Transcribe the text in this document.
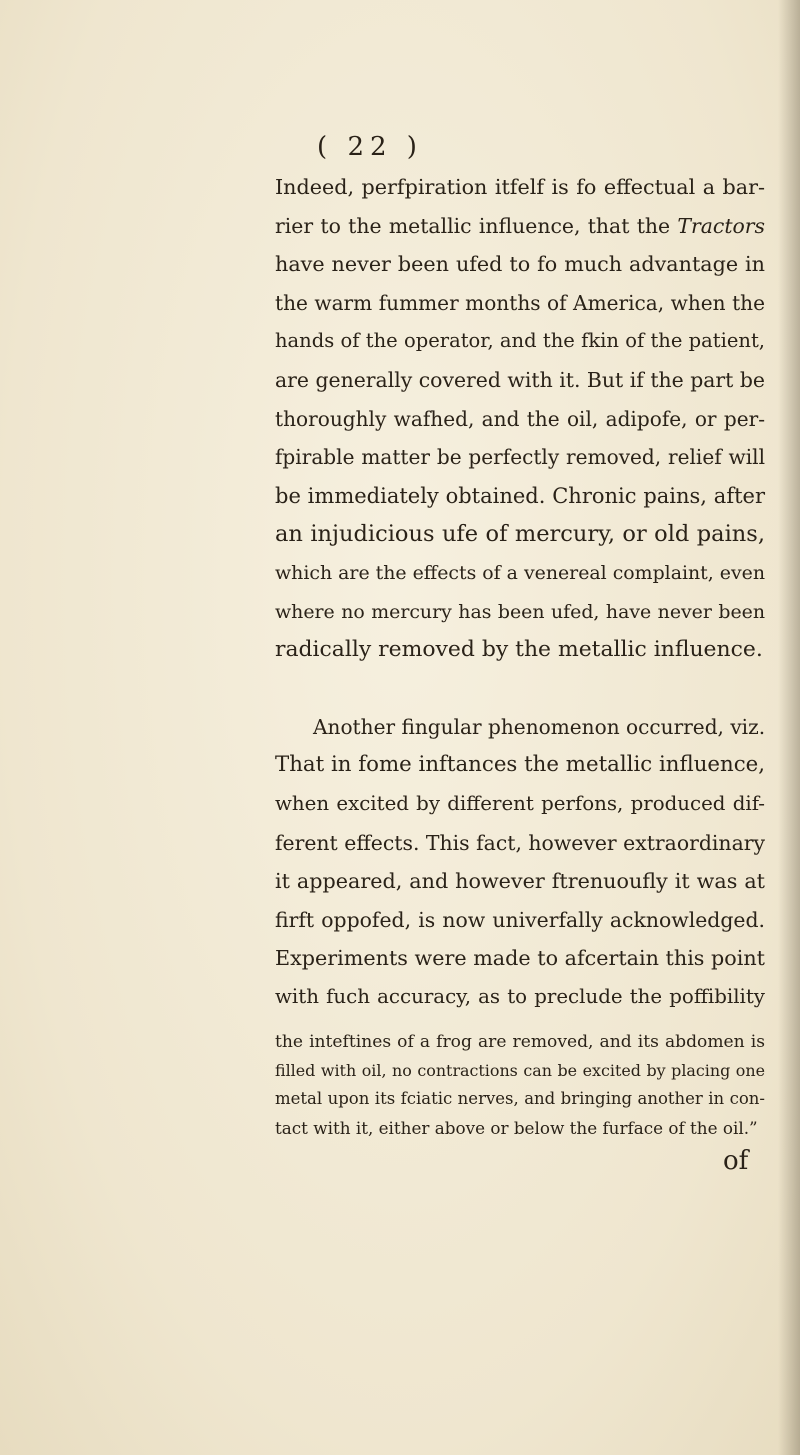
( 22 )
Indeed, perfpiration itfelf is fo effectual a bar-
rier to the metallic influence, that the Tractors
have never been ufed to fo much advantage in
the warm fummer months of America, when the
hands of the operator, and the fkin of the patient,
are generally covered with it. But if the part be
thoroughly wafhed, and the oil, adipofe, or per-
fpirable matter be perfectly removed, relief will
be immediately obtained. Chronic pains, after
an injudicious ufe of mercury, or old pains,
which are the effects of a venereal complaint, even
where no mercury has been ufed, have never been
radically removed by the metallic influence.
Another fingular phenomenon occurred, viz.
That in fome inftances the metallic influence,
when excited by different perfons, produced dif-
ferent effects. This fact, however extraordinary
it appeared, and however ftrenuoufly it was at
firft oppofed, is now univerfally acknowledged.
Experiments were made to afcertain this point
with fuch accuracy, as to preclude the poffibility
the inteftines of a frog are removed, and its abdomen is
filled with oil, no contractions can be excited by placing one
metal upon its fciatic nerves, and bringing another in con-
tact with it, either above or below the furface of the oil.”
of
